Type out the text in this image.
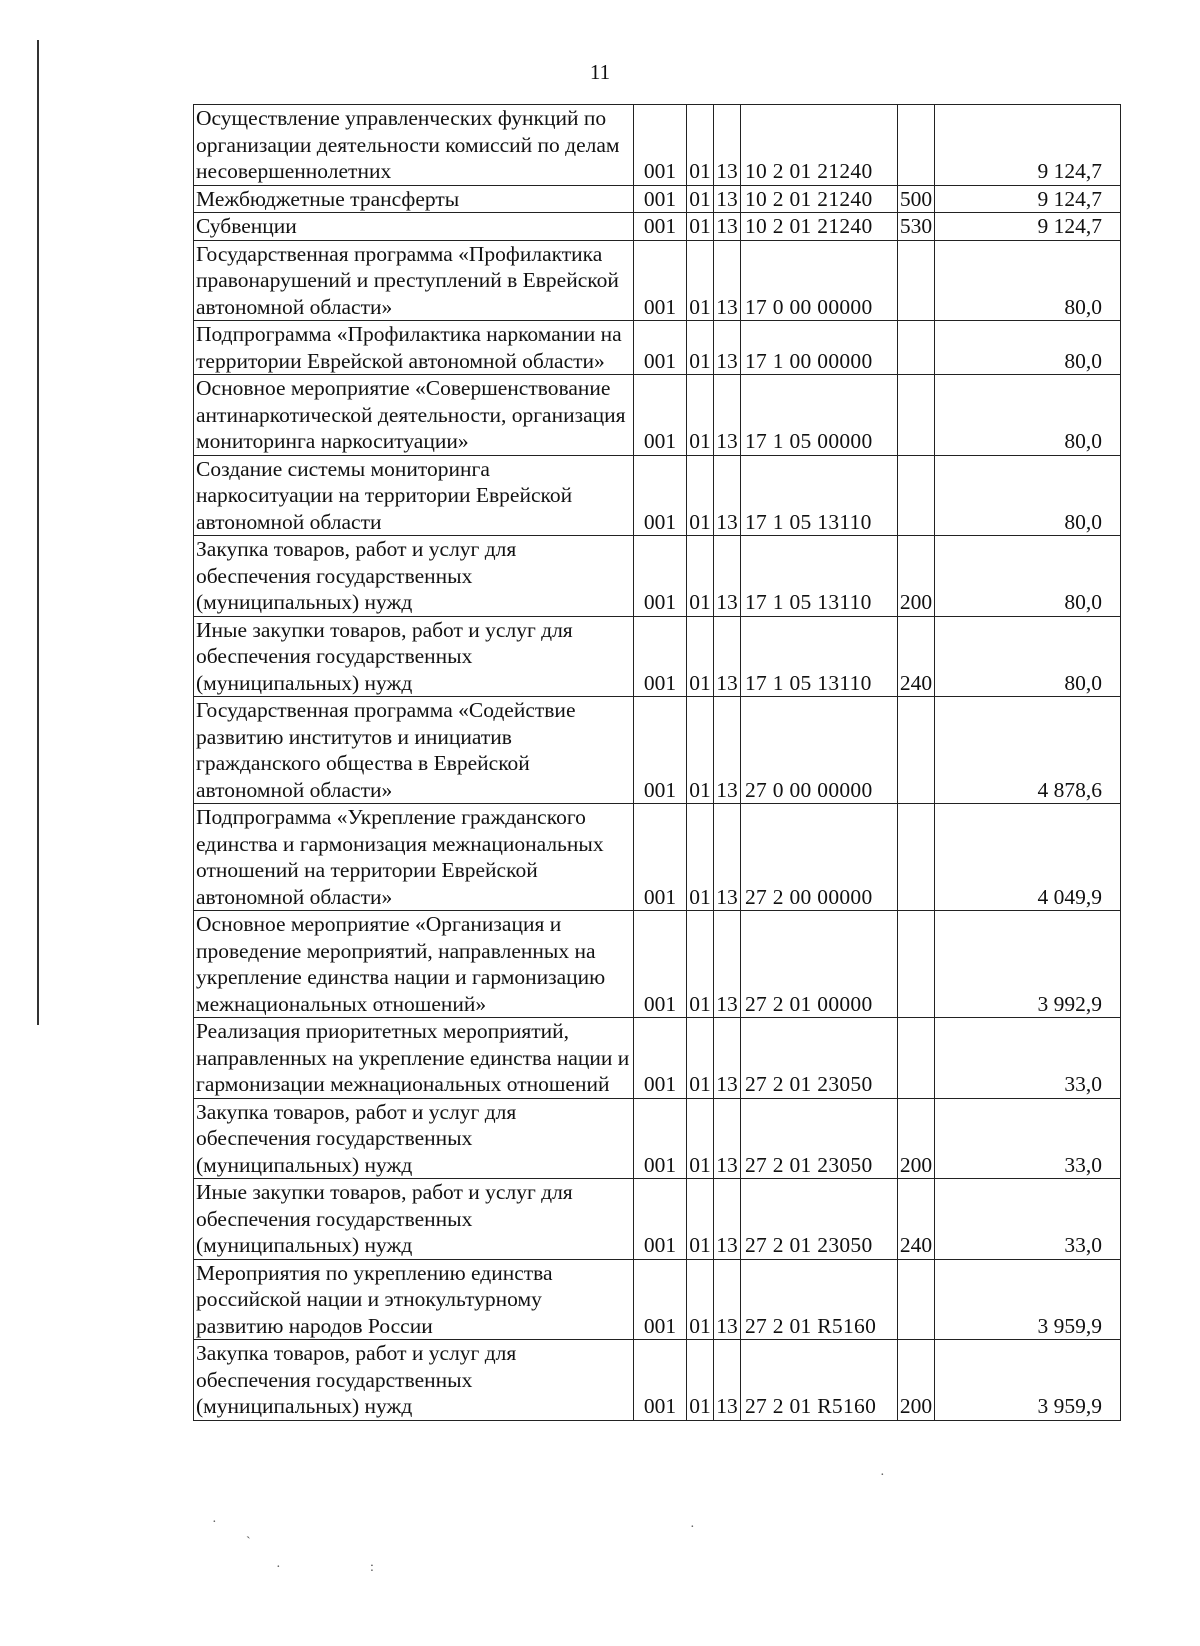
11
Осуществление управленческих функций по организации деятельности комиссий по делам несовершеннолетних	001	01	13	10 2 01 21240		9 124,7
Межбюджетные трансферты	001	01	13	10 2 01 21240	500	9 124,7
Субвенции	001	01	13	10 2 01 21240	530	9 124,7
Государственная программа «Профилактика правонарушений и преступлений в Еврейской автономной области»	001	01	13	17 0 00 00000		80,0
Подпрограмма «Профилактика наркомании на территории Еврейской автономной области»	001	01	13	17 1 00 00000		80,0
Основное мероприятие «Совершенствование антинаркотической деятельности, организация мониторинга наркоситуации»	001	01	13	17 1 05 00000		80,0
Создание системы мониторинга наркоситуации на территории Еврейской автономной области	001	01	13	17 1 05 13110		80,0
Закупка товаров, работ и услуг для обеспечения государственных (муниципальных) нужд	001	01	13	17 1 05 13110	200	80,0
Иные закупки товаров, работ и услуг для обеспечения государственных (муниципальных) нужд	001	01	13	17 1 05 13110	240	80,0
Государственная программа «Содействие развитию институтов и инициатив гражданского общества в Еврейской автономной области»	001	01	13	27 0 00 00000		4 878,6
Подпрограмма «Укрепление гражданского единства и гармонизация межнациональных отношений на территории Еврейской автономной области»	001	01	13	27 2 00 00000		4 049,9
Основное мероприятие «Организация и проведение мероприятий, направленных на укрепление единства нации и гармонизацию межнациональных отношений»	001	01	13	27 2 01 00000		3 992,9
Реализация приоритетных мероприятий, направленных на укрепление единства нации и гармонизации межнациональных отношений	001	01	13	27 2 01 23050		33,0
Закупка товаров, работ и услуг для обеспечения государственных (муниципальных) нужд	001	01	13	27 2 01 23050	200	33,0
Иные закупки товаров, работ и услуг для обеспечения государственных (муниципальных) нужд	001	01	13	27 2 01 23050	240	33,0
Мероприятия по укреплению единства российской нации и этнокультурному развитию народов России	001	01	13	27 2 01 R5160		3 959,9
Закупка товаров, работ и услуг для обеспечения государственных (муниципальных) нужд	001	01	13	27 2 01 R5160	200	3 959,9
·
`
·	:
·
·
